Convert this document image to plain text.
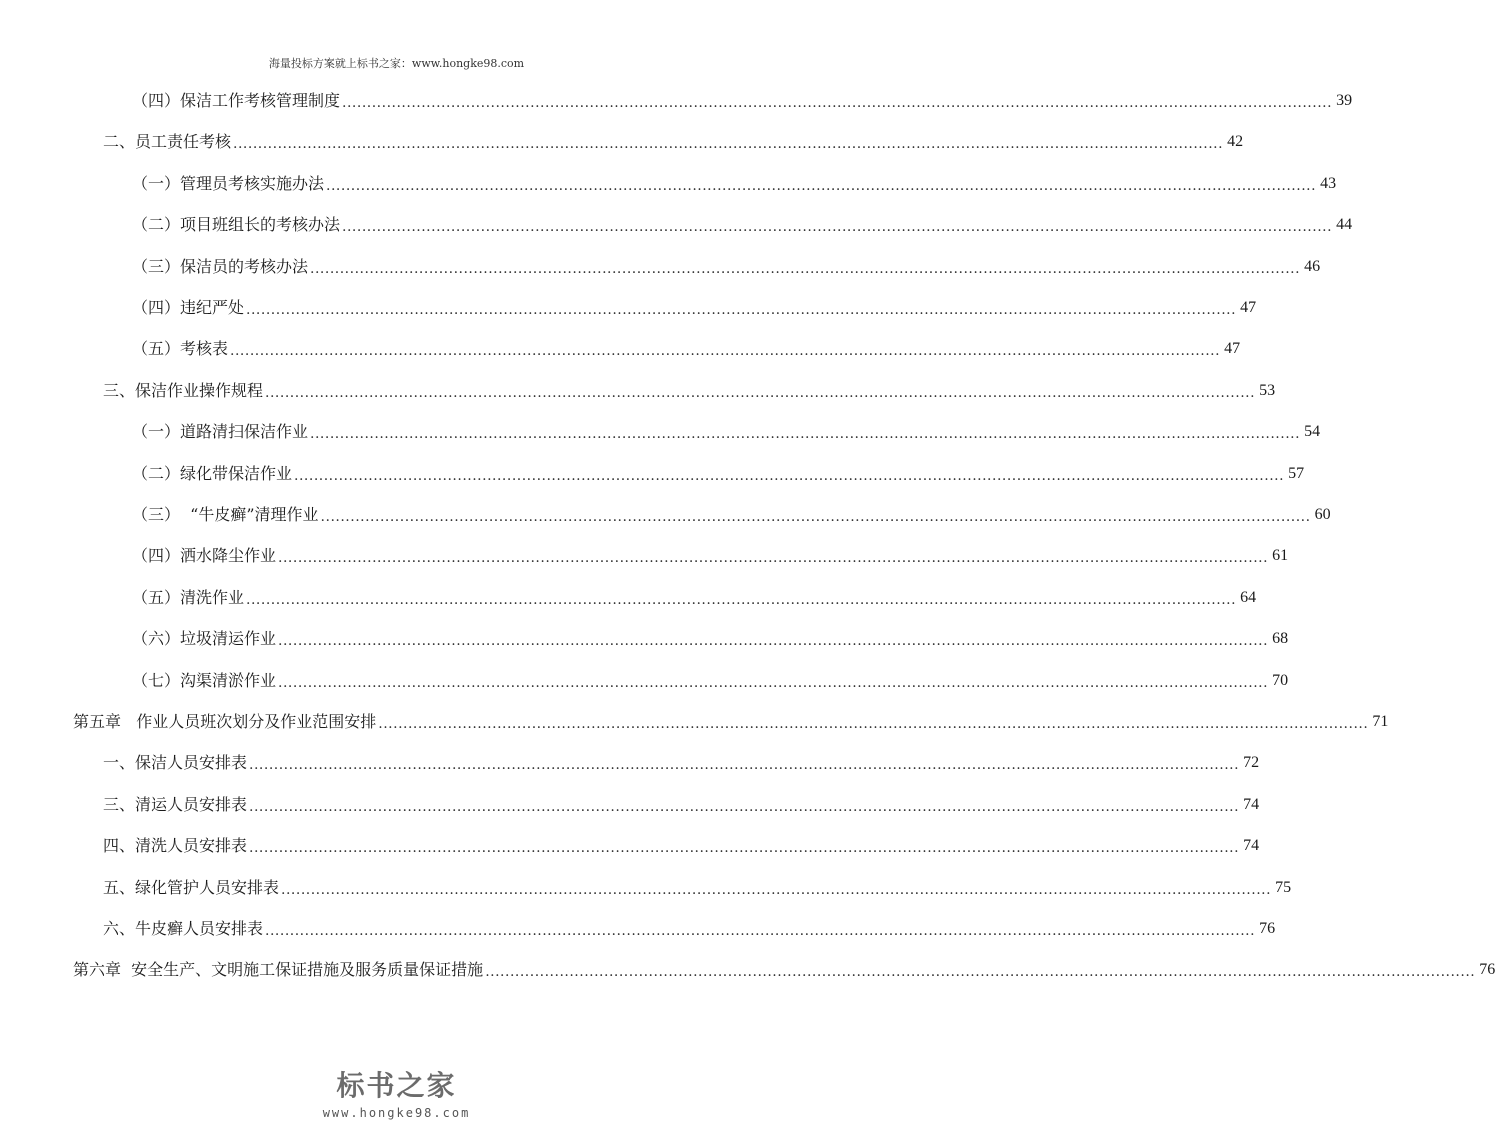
海量投标方案就上标书之家：www.hongke98.com
（四）保洁工作考核管理制度 ........................................................................................................................................................................................................ 39
二、员工责任考核 ........................................................................................................................................................................................................ 42
（一）管理员考核实施办法 ........................................................................................................................................................................................................ 43
（二）项目班组长的考核办法 ........................................................................................................................................................................................................ 44
（三）保洁员的考核办法 ........................................................................................................................................................................................................ 46
（四）违纪严处 ........................................................................................................................................................................................................ 47
（五）考核表 ........................................................................................................................................................................................................ 47
三、保洁作业操作规程 ........................................................................................................................................................................................................ 53
（一）道路清扫保洁作业 ........................................................................................................................................................................................................ 54
（二）绿化带保洁作业 ........................................................................................................................................................................................................ 57
（三）  “牛皮癣”清理作业 ........................................................................................................................................................................................................ 60
（四）洒水降尘作业 ........................................................................................................................................................................................................ 61
（五）清洗作业 ........................................................................................................................................................................................................ 64
（六）垃圾清运作业 ........................................................................................................................................................................................................ 68
（七）沟渠清淤作业 ........................................................................................................................................................................................................ 70
第五章   作业人员班次划分及作业范围安排 ........................................................................................................................................................................................................ 71
一、保洁人员安排表 ........................................................................................................................................................................................................ 72
三、清运人员安排表 ........................................................................................................................................................................................................ 74
四、清洗人员安排表 ........................................................................................................................................................................................................ 74
五、绿化管护人员安排表 ........................................................................................................................................................................................................ 75
六、牛皮癣人员安排表 ........................................................................................................................................................................................................ 76
第六章  安全生产、文明施工保证措施及服务质量保证措施 ........................................................................................................................................................................................................ 76
标书之家
www.hongke98.com
